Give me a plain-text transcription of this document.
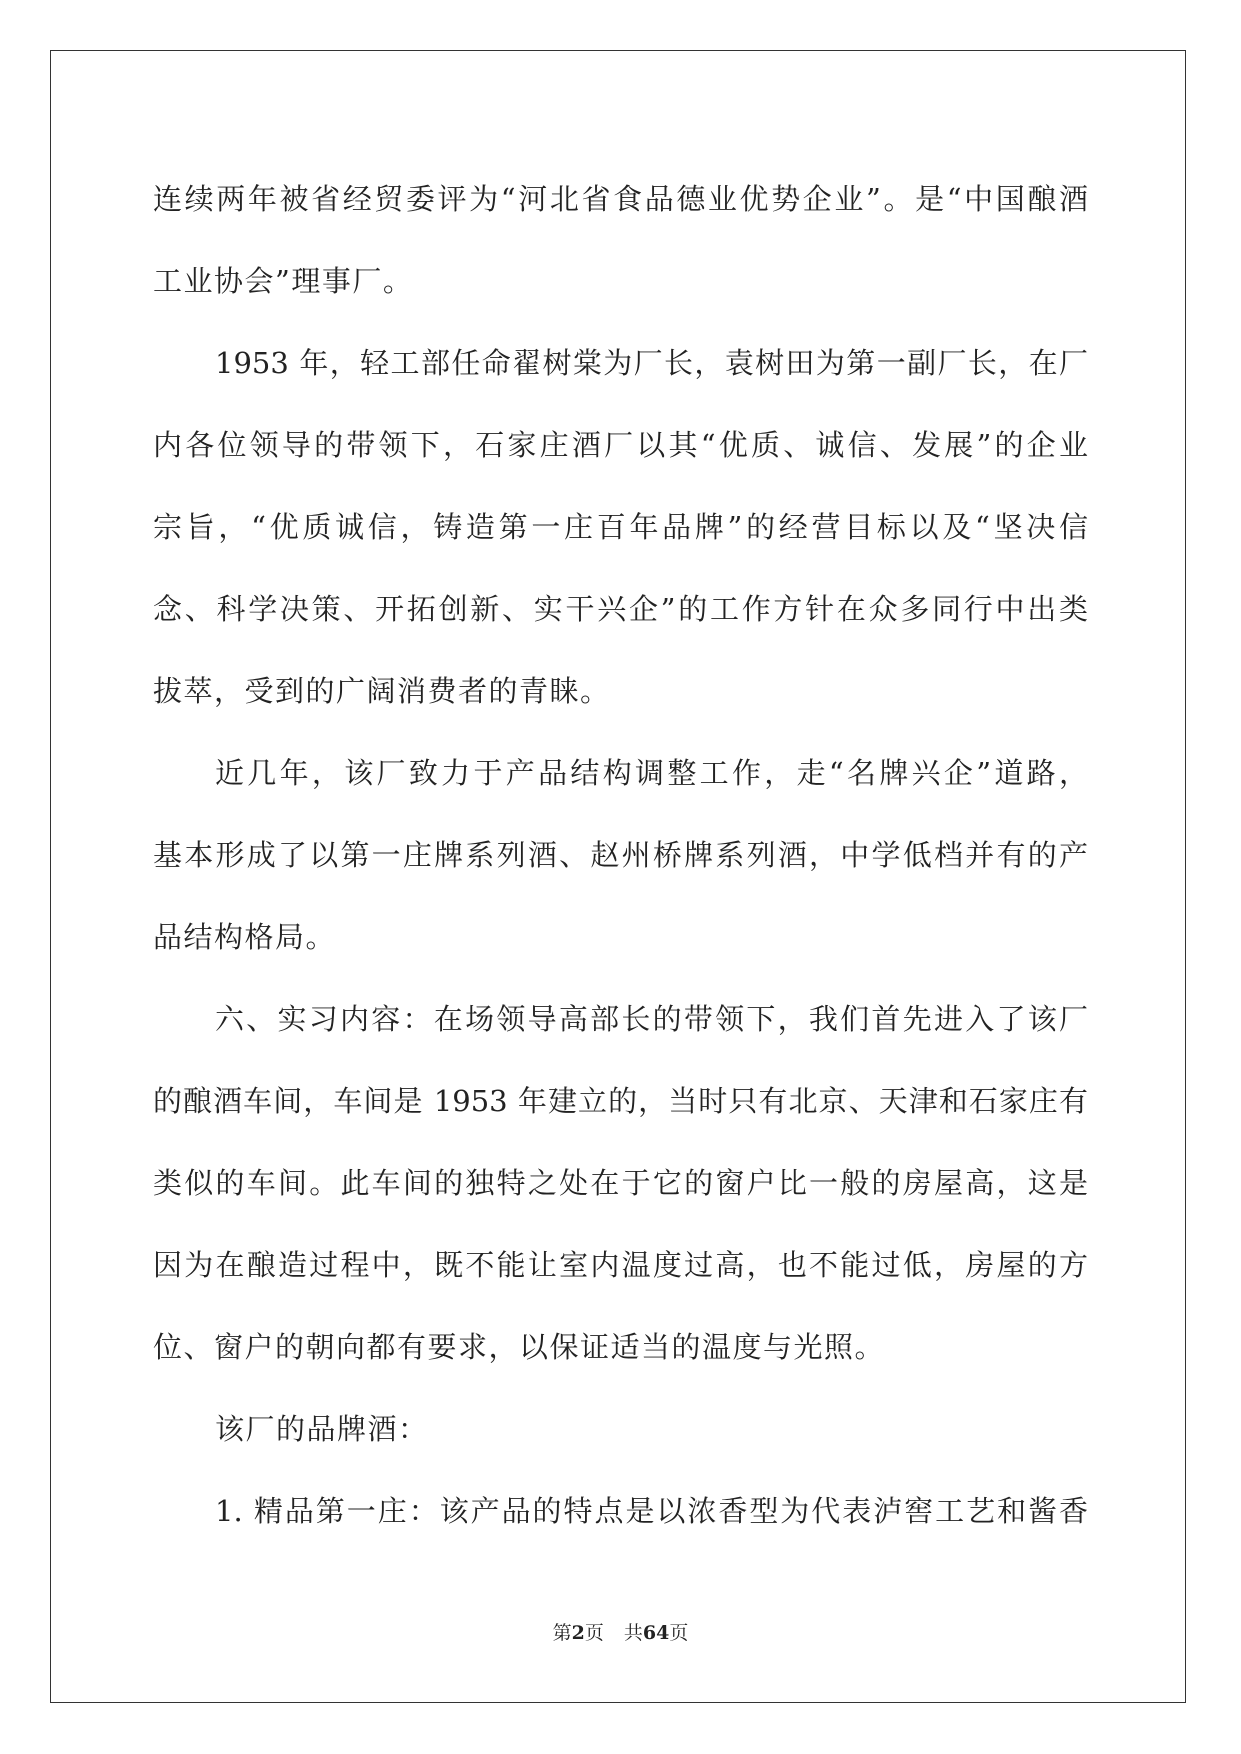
连续两年被省经贸委评为“河北省食品德业优势企业”。是“中国酿酒
工业协会”理事厂。
1953 年，轻工部任命翟树棠为厂长，袁树田为第一副厂长，在厂
内各位领导的带领下，石家庄酒厂以其“优质、诚信、发展”的企业
宗旨，“优质诚信，铸造第一庄百年品牌”的经营目标以及“坚决信
念、科学决策、开拓创新、实干兴企”的工作方针在众多同行中出类
拔萃，受到的广阔消费者的青睐。
近几年，该厂致力于产品结构调整工作，走“名牌兴企”道路，
基本形成了以第一庄牌系列酒、赵州桥牌系列酒，中学低档并有的产
品结构格局。
六、实习内容：在场领导高部长的带领下，我们首先进入了该厂
的酿酒车间，车间是 1953 年建立的，当时只有北京、天津和石家庄有
类似的车间。此车间的独特之处在于它的窗户比一般的房屋高，这是
因为在酿造过程中，既不能让室内温度过高，也不能过低，房屋的方
位、窗户的朝向都有要求，以保证适当的温度与光照。
该厂的品牌酒：
1. 精品第一庄：该产品的特点是以浓香型为代表泸窖工艺和酱香
第2页 共64页
